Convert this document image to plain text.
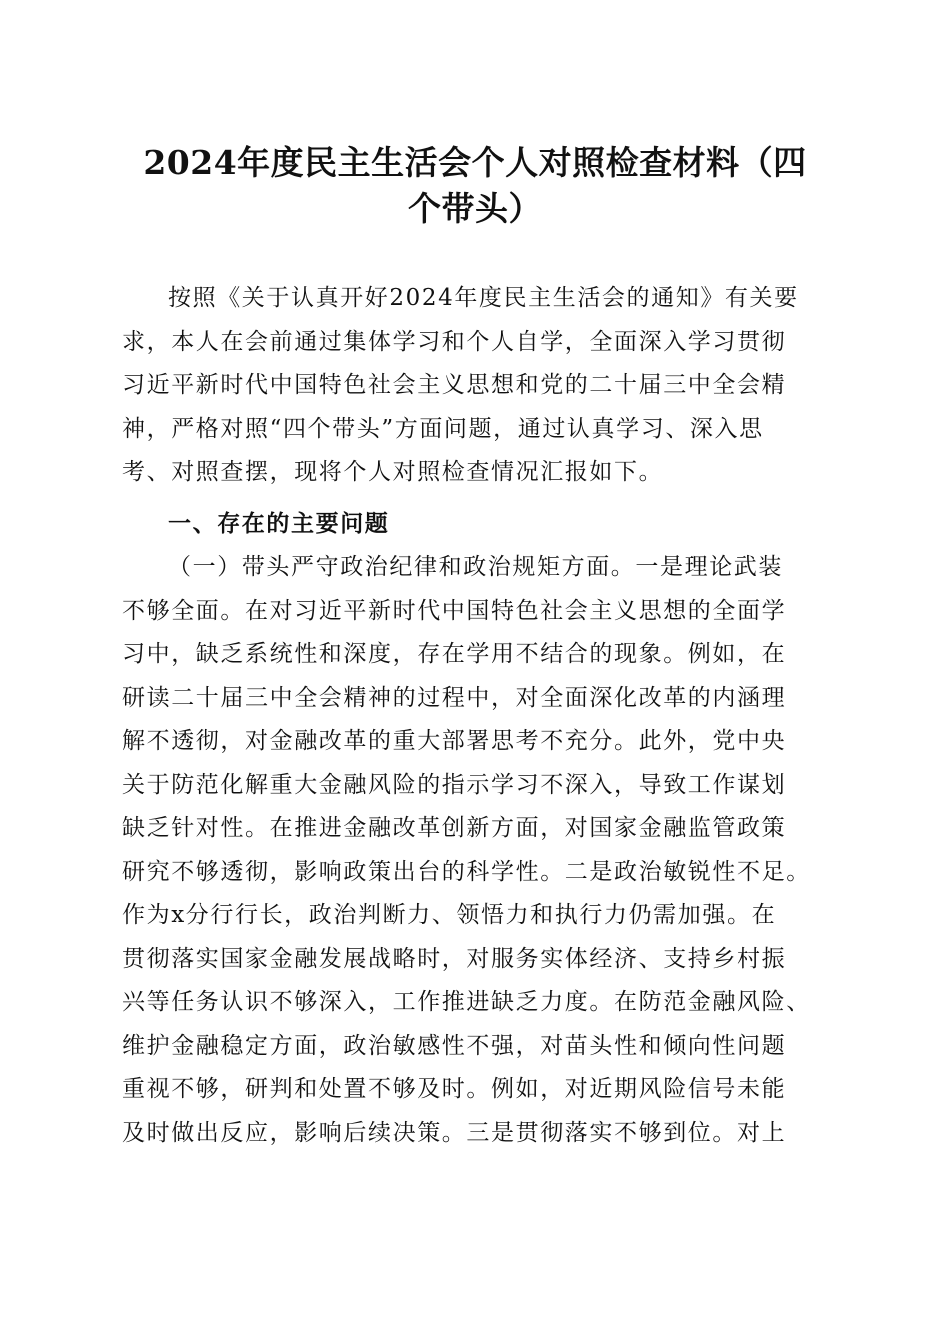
2024年度民主生活会个人对照检查材料（四
个带头）
按照《关于认真开好2024年度民主生活会的通知》有关要
求，本人在会前通过集体学习和个人自学，全面深入学习贯彻
习近平新时代中国特色社会主义思想和党的二十届三中全会精
神，严格对照“四个带头”方面问题，通过认真学习、深入思
考、对照查摆，现将个人对照检查情况汇报如下。
一、存在的主要问题
（一）带头严守政治纪律和政治规矩方面。一是理论武装
不够全面。在对习近平新时代中国特色社会主义思想的全面学
习中，缺乏系统性和深度，存在学用不结合的现象。例如，在
研读二十届三中全会精神的过程中，对全面深化改革的内涵理
解不透彻，对金融改革的重大部署思考不充分。此外，党中央
关于防范化解重大金融风险的指示学习不深入，导致工作谋划
缺乏针对性。在推进金融改革创新方面，对国家金融监管政策
研究不够透彻，影响政策出台的科学性。二是政治敏锐性不足。
作为x分行行长，政治判断力、领悟力和执行力仍需加强。在
贯彻落实国家金融发展战略时，对服务实体经济、支持乡村振
兴等任务认识不够深入，工作推进缺乏力度。在防范金融风险、
维护金融稳定方面，政治敏感性不强，对苗头性和倾向性问题
重视不够，研判和处置不够及时。例如，对近期风险信号未能
及时做出反应，影响后续决策。三是贯彻落实不够到位。对上
